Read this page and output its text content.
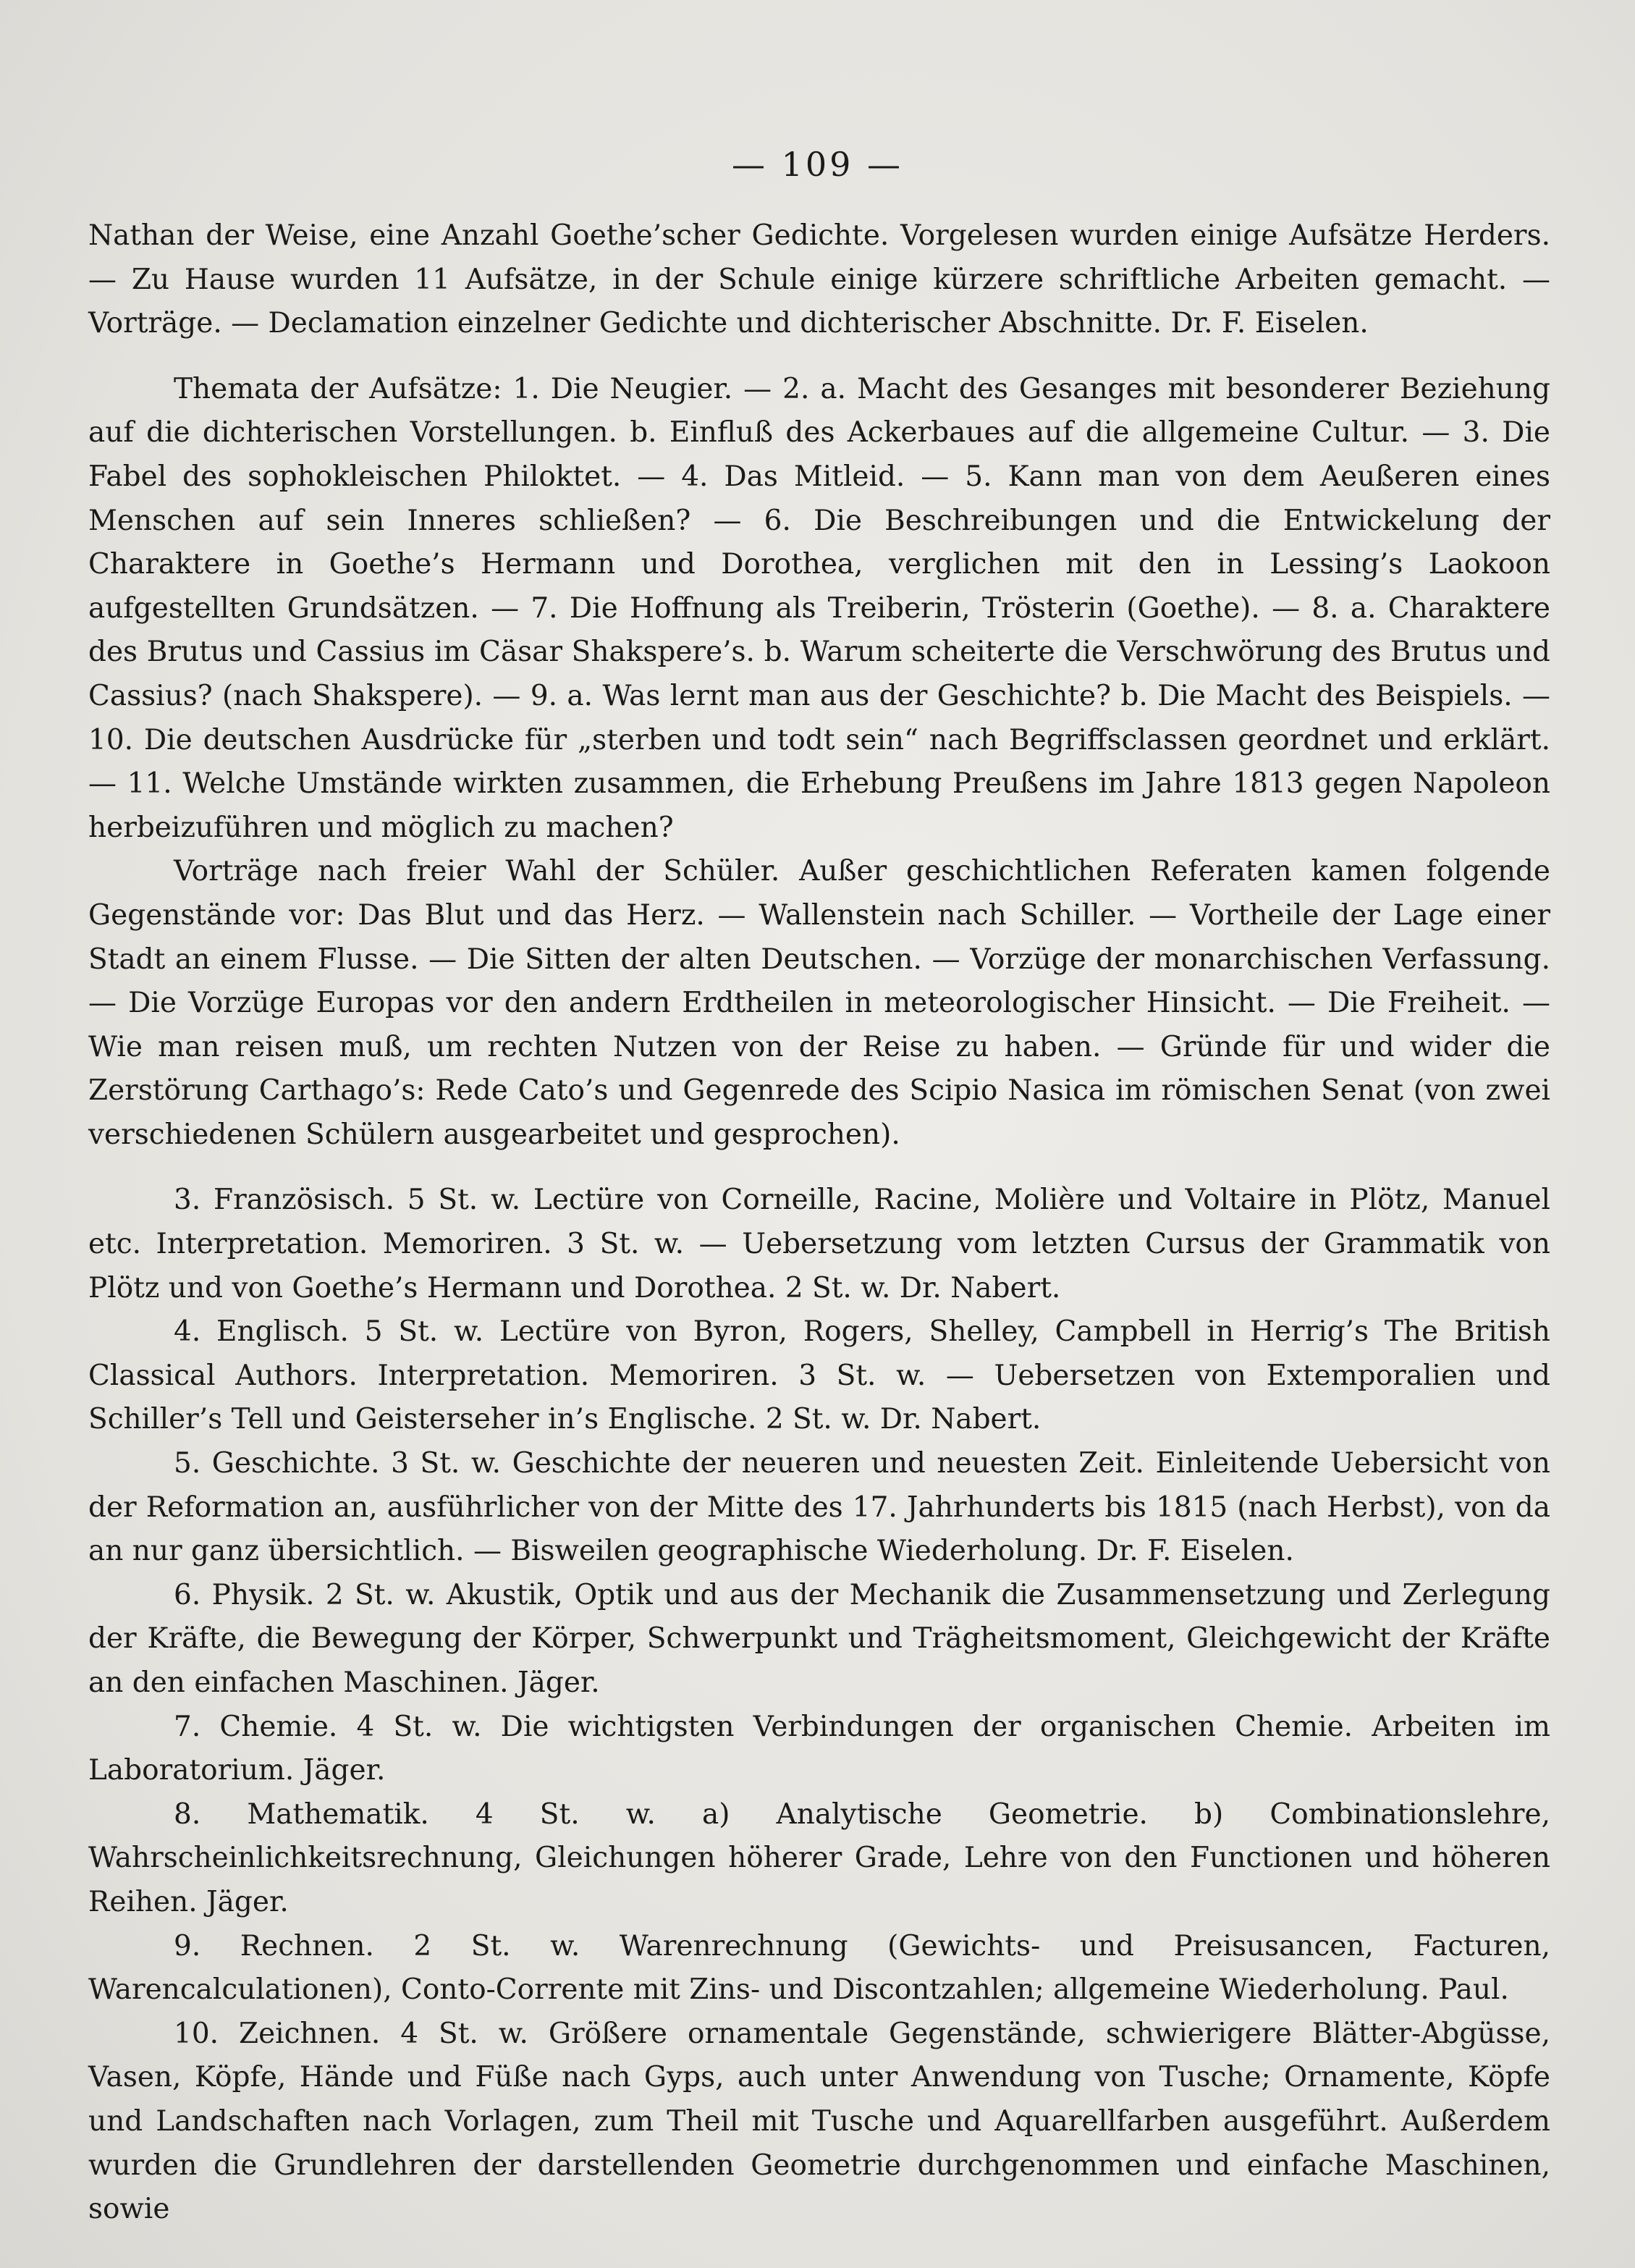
— 109 —

Nathan der Weise, eine Anzahl Goethe’scher Gedichte. Vorgelesen wurden einige Aufsätze Herders. — Zu Hause wurden 11 Aufsätze, in der Schule einige kürzere schriftliche Arbeiten gemacht. — Vorträge. — Declamation einzelner Gedichte und dichterischer Abschnitte. Dr. F. Eiselen.

Themata der Aufsätze: 1. Die Neugier. — 2. a. Macht des Gesanges mit besonderer Beziehung auf die dichterischen Vorstellungen. b. Einfluß des Ackerbaues auf die allgemeine Cultur. — 3. Die Fabel des sophokleischen Philoktet. — 4. Das Mitleid. — 5. Kann man von dem Aeußeren eines Menschen auf sein Inneres schließen? — 6. Die Beschreibungen und die Entwickelung der Charaktere in Goethe’s Hermann und Dorothea, verglichen mit den in Lessing’s Laokoon aufgestellten Grundsätzen. — 7. Die Hoffnung als Treiberin, Trösterin (Goethe). — 8. a. Charaktere des Brutus und Cassius im Cäsar Shakspere’s. b. Warum scheiterte die Verschwörung des Brutus und Cassius? (nach Shakspere). — 9. a. Was lernt man aus der Geschichte? b. Die Macht des Beispiels. — 10. Die deutschen Ausdrücke für „sterben und todt sein“ nach Begriffsclassen geordnet und erklärt. — 11. Welche Umstände wirkten zusammen, die Erhebung Preußens im Jahre 1813 gegen Napoleon herbeizuführen und möglich zu machen?

Vorträge nach freier Wahl der Schüler. Außer geschichtlichen Referaten kamen folgende Gegenstände vor: Das Blut und das Herz. — Wallenstein nach Schiller. — Vortheile der Lage einer Stadt an einem Flusse. — Die Sitten der alten Deutschen. — Vorzüge der monarchischen Verfassung. — Die Vorzüge Europas vor den andern Erdtheilen in meteorologischer Hinsicht. — Die Freiheit. — Wie man reisen muß, um rechten Nutzen von der Reise zu haben. — Gründe für und wider die Zerstörung Carthago’s: Rede Cato’s und Gegenrede des Scipio Nasica im römischen Senat (von zwei verschiedenen Schülern ausgearbeitet und gesprochen).

3. Französisch. 5 St. w. Lectüre von Corneille, Racine, Molière und Voltaire in Plötz, Manuel etc. Interpretation. Memoriren. 3 St. w. — Uebersetzung vom letzten Cursus der Grammatik von Plötz und von Goethe’s Hermann und Dorothea. 2 St. w. Dr. Nabert.

4. Englisch. 5 St. w. Lectüre von Byron, Rogers, Shelley, Campbell in Herrig’s The British Classical Authors. Interpretation. Memoriren. 3 St. w. — Uebersetzen von Extemporalien und Schiller’s Tell und Geisterseher in’s Englische. 2 St. w. Dr. Nabert.

5. Geschichte. 3 St. w. Geschichte der neueren und neuesten Zeit. Einleitende Uebersicht von der Reformation an, ausführlicher von der Mitte des 17. Jahrhunderts bis 1815 (nach Herbst), von da an nur ganz übersichtlich. — Bisweilen geographische Wiederholung. Dr. F. Eiselen.

6. Physik. 2 St. w. Akustik, Optik und aus der Mechanik die Zusammensetzung und Zerlegung der Kräfte, die Bewegung der Körper, Schwerpunkt und Trägheitsmoment, Gleichgewicht der Kräfte an den einfachen Maschinen. Jäger.

7. Chemie. 4 St. w. Die wichtigsten Verbindungen der organischen Chemie. Arbeiten im Laboratorium. Jäger.

8. Mathematik. 4 St. w. a) Analytische Geometrie. b) Combinationslehre, Wahrscheinlichkeitsrechnung, Gleichungen höherer Grade, Lehre von den Functionen und höheren Reihen. Jäger.

9. Rechnen. 2 St. w. Warenrechnung (Gewichts- und Preisusancen, Facturen, Warencalculationen), Conto-Corrente mit Zins- und Discontzahlen; allgemeine Wiederholung. Paul.

10. Zeichnen. 4 St. w. Größere ornamentale Gegenstände, schwierigere Blätter-Abgüsse, Vasen, Köpfe, Hände und Füße nach Gyps, auch unter Anwendung von Tusche; Ornamente, Köpfe und Landschaften nach Vorlagen, zum Theil mit Tusche und Aquarellfarben ausgeführt. Außerdem wurden die Grundlehren der darstellenden Geometrie durchgenommen und einfache Maschinen, sowie
